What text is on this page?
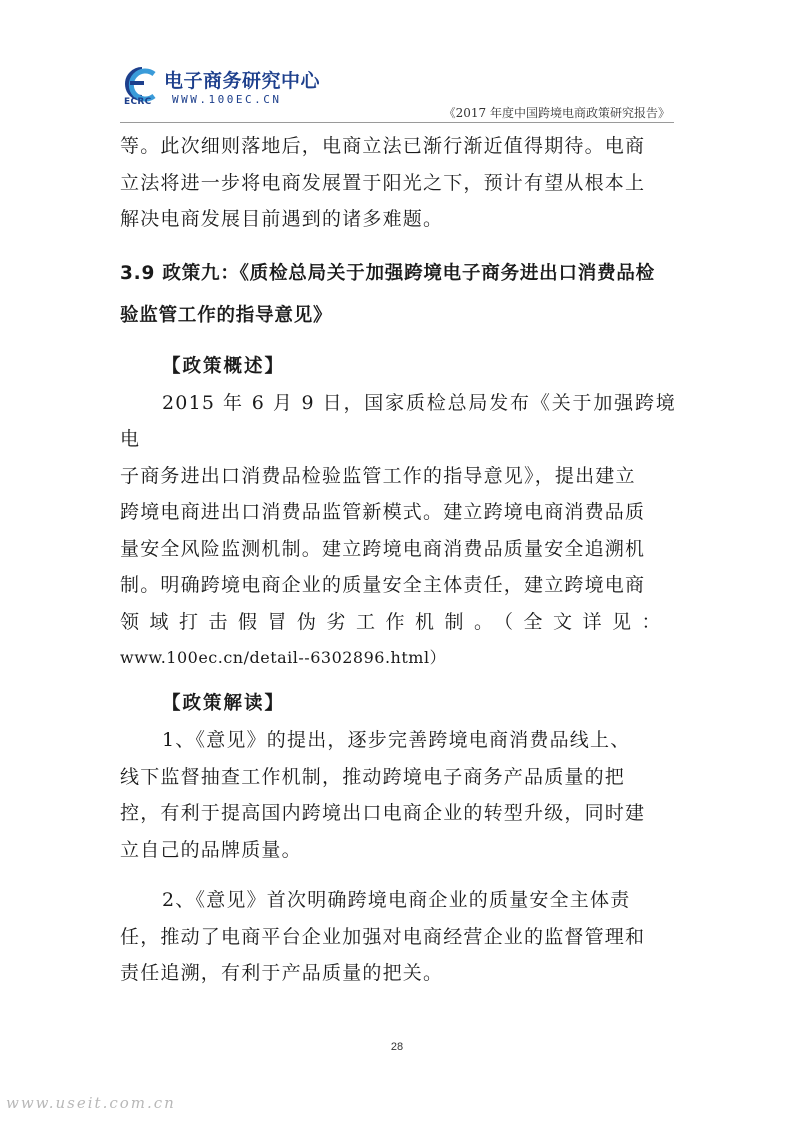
电子商务研究中心
ECRC WWW.100EC.CN
《2017 年度中国跨境电商政策研究报告》

等。此次细则落地后，电商立法已渐行渐近值得期待。电商

立法将进一步将电商发展置于阳光之下，预计有望从根本上

解决电商发展目前遇到的诸多难题。

3.9 政策九：《质检总局关于加强跨境电子商务进出口消费品检
验监管工作的指导意见》
【政策概述】

2015 年 6 月 9 日，国家质检总局发布《关于加强跨境电

子商务进出口消费品检验监管工作的指导意见》，提出建立

跨境电商进出口消费品监管新模式。建立跨境电商消费品质

量安全风险监测机制。建立跨境电商消费品质量安全追溯机

制。明确跨境电商企业的质量安全主体责任，建立跨境电商

领域打击假冒伪劣工作机制。（全文详见：

www.100ec.cn/detail--6302896.html）

【政策解读】

1、《意见》的提出，逐步完善跨境电商消费品线上、

线下监督抽查工作机制，推动跨境电子商务产品质量的把

控，有利于提高国内跨境出口电商企业的转型升级，同时建

立自己的品牌质量。

2、《意见》首次明确跨境电商企业的质量安全主体责

任，推动了电商平台企业加强对电商经营企业的监督管理和

责任追溯，有利于产品质量的把关。

28
www.useit.com.cn
